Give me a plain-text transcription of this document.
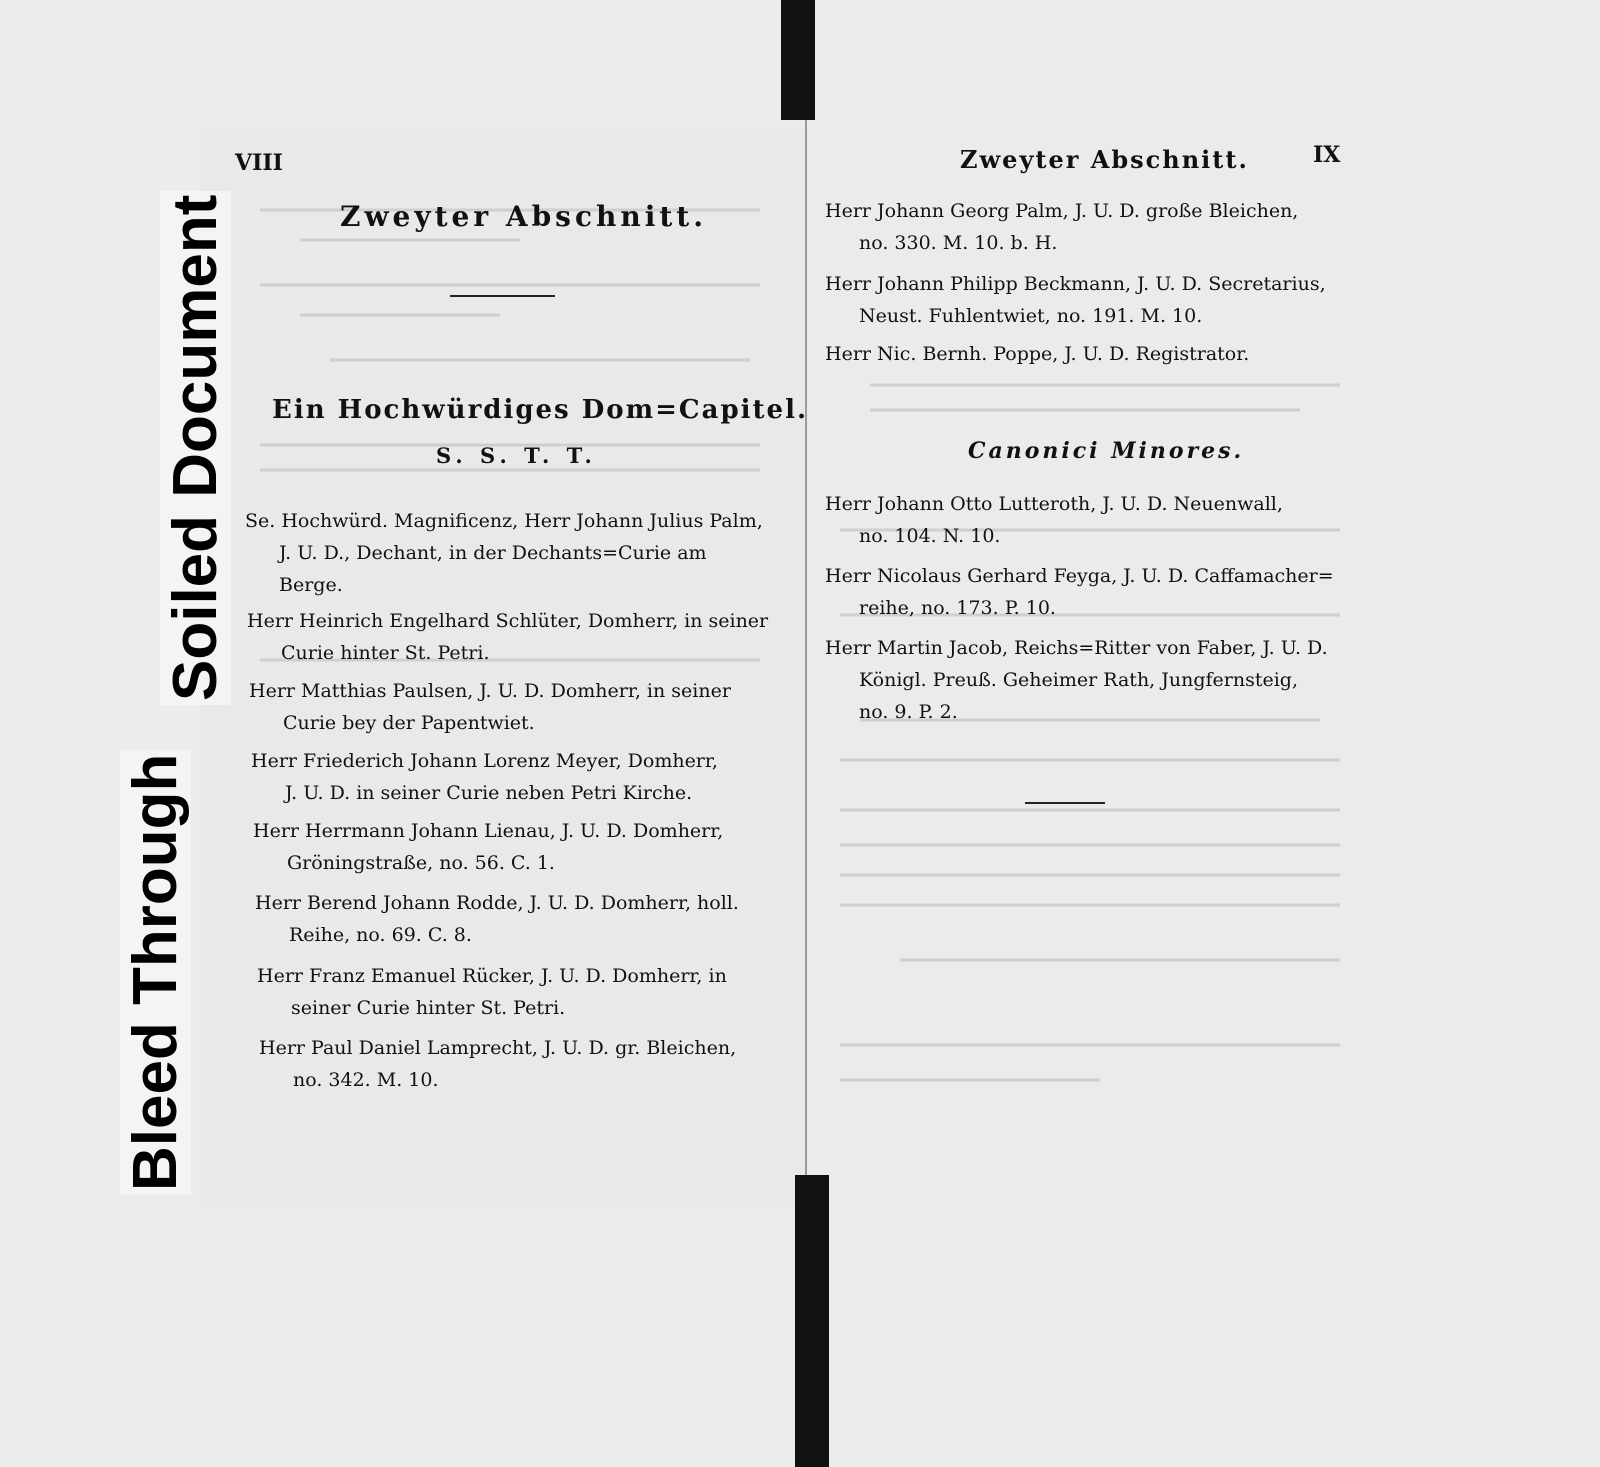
Soiled Document
Bleed Through
VIII
Zweyter Abschnitt.
Ein Hochwürdiges Dom=Capitel.
S. S. T. T.
Se. Hochwürd. Magnificenz, Herr Johann Julius Palm,
J. U. D., Dechant, in der Dechants=Curie am
Berge.
Herr Heinrich Engelhard Schlüter, Domherr, in seiner
Curie hinter St. Petri.
Herr Matthias Paulsen, J. U. D. Domherr, in seiner
Curie bey der Papentwiet.
Herr Friederich Johann Lorenz Meyer, Domherr,
J. U. D. in seiner Curie neben Petri Kirche.
Herr Herrmann Johann Lienau, J. U. D. Domherr,
Gröningstraße, no. 56. C. 1.
Herr Berend Johann Rodde, J. U. D. Domherr, holl.
Reihe, no. 69. C. 8.
Herr Franz Emanuel Rücker, J. U. D. Domherr, in
seiner Curie hinter St. Petri.
Herr Paul Daniel Lamprecht, J. U. D. gr. Bleichen,
no. 342. M. 10.
Zweyter Abschnitt.	IX
Herr Johann Georg Palm, J. U. D. große Bleichen,
no. 330. M. 10. b. H.
Herr Johann Philipp Beckmann, J. U. D. Secretarius,
Neust. Fuhlentwiet, no. 191. M. 10.
Herr Nic. Bernh. Poppe, J. U. D. Registrator.
Canonici Minores.
Herr Johann Otto Lutteroth, J. U. D. Neuenwall,
no. 104. N. 10.
Herr Nicolaus Gerhard Feyga, J. U. D. Caffamacher=
reihe, no. 173. P. 10.
Herr Martin Jacob, Reichs=Ritter von Faber, J. U. D.
Königl. Preuß. Geheimer Rath, Jungfernsteig,
no. 9. P. 2.
